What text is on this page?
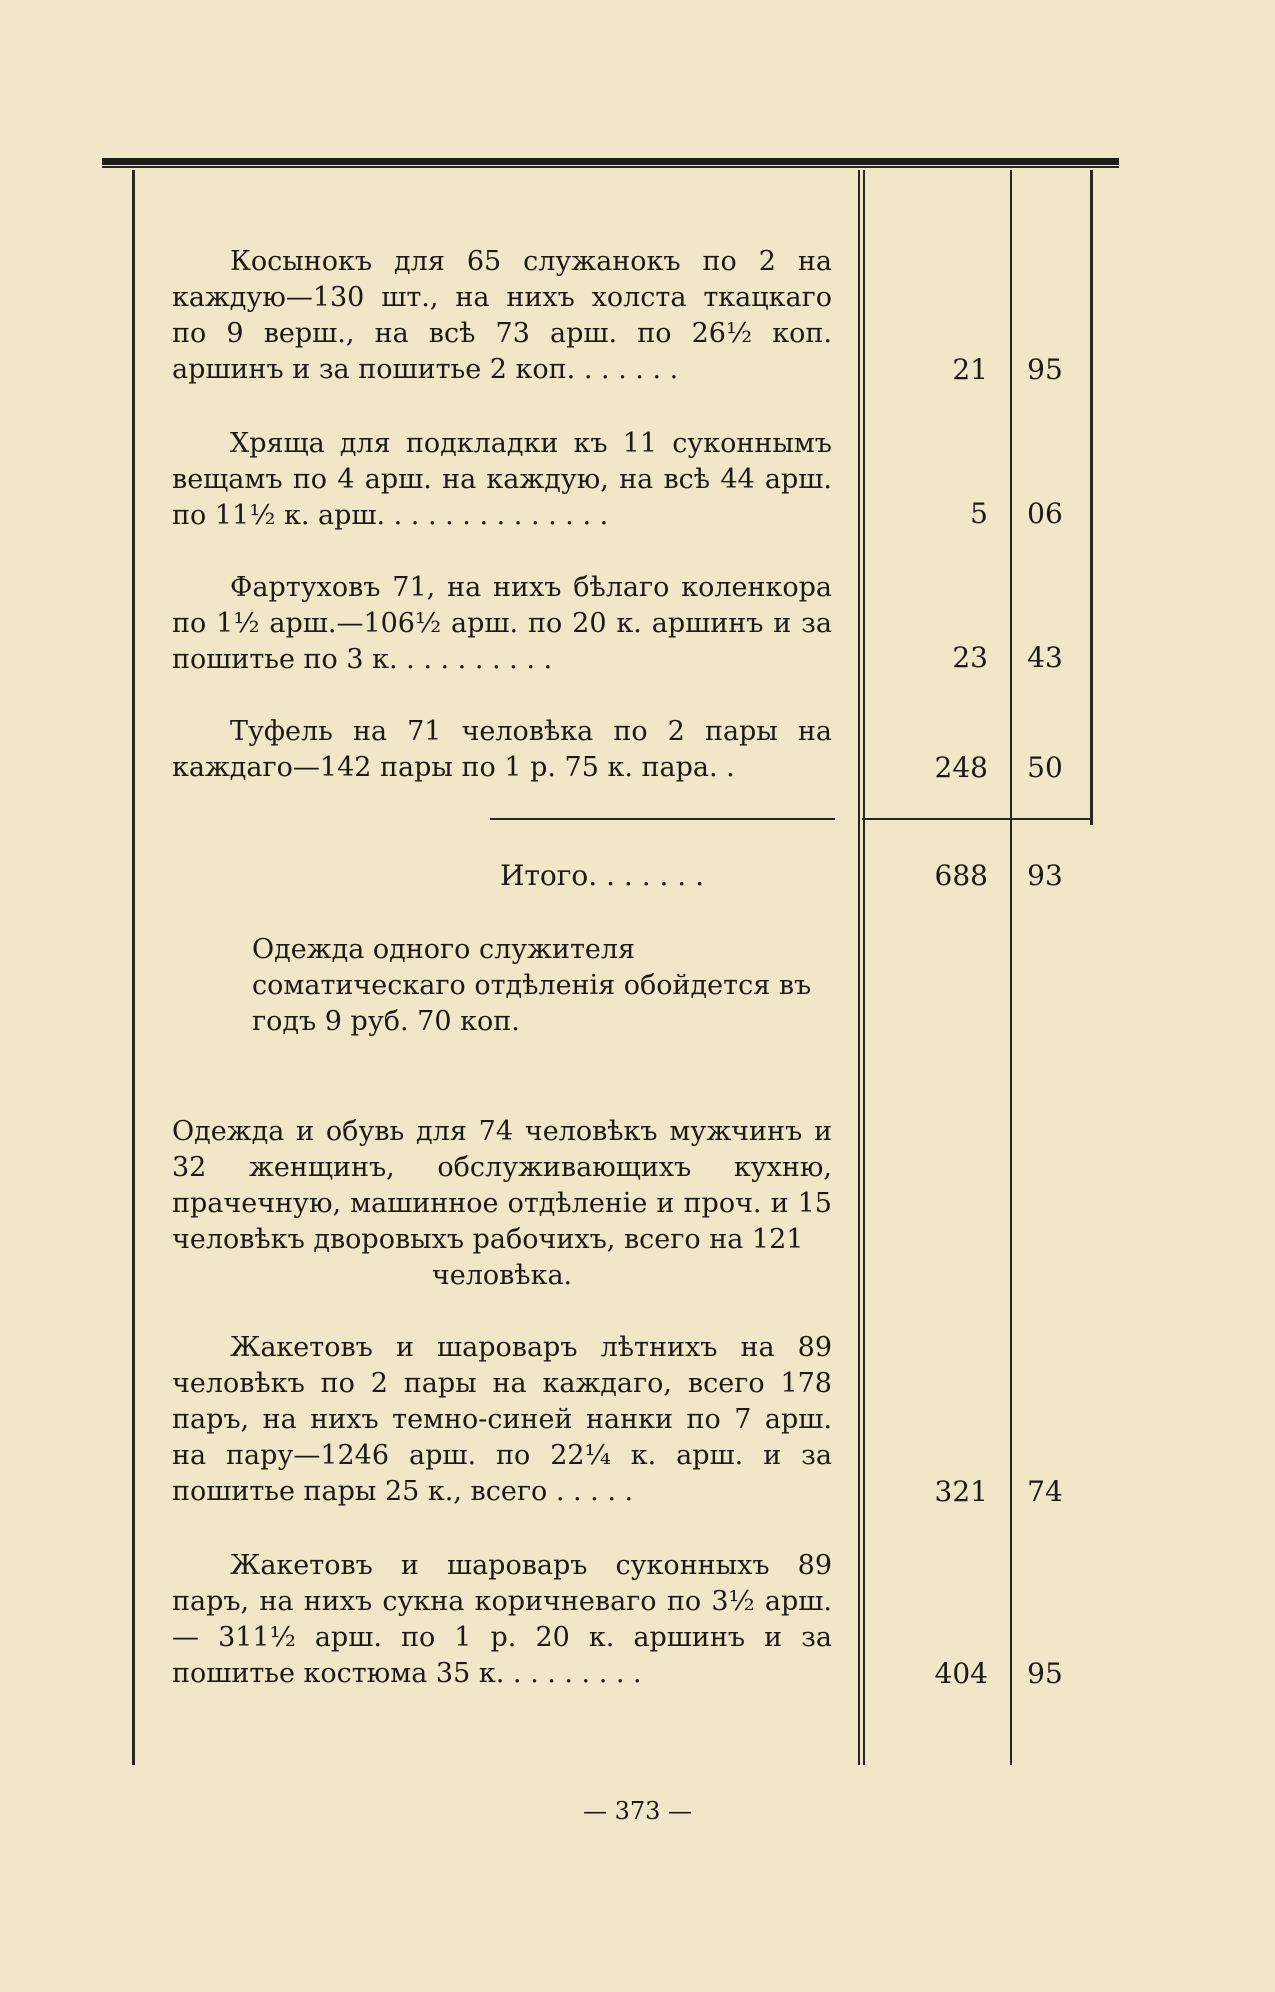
Косынокъ для 65 служанокъ по 2 на каждую—130 шт., на нихъ холста ткацкаго по 9 верш., на всѣ 73 арш. по 26½ коп. аршинъ и за пошитье 2 коп. . . . . . .	21 95

Хряща для подкладки къ 11 суконнымъ вещамъ по 4 арш. на каждую, на всѣ 44 арш. по 11½ к. арш. . . . . . . . . . . . . .	5 06

Фартуховъ 71, на нихъ бѣлаго коленкора по 1½ арш.—106½ арш. по 20 к. аршинъ и за пошитье по 3 к. . . . . . . . . .	23 43

Туфель на 71 человѣка по 2 пары на каждаго—142 пары по 1 р. 75 к. пара. .	248 50
Итого. . . . . . .	688 93
Одежда одного служителя соматическаго отдѣленія обойдется въ годъ 9 руб. 70 коп.

Одежда и обувь для 74 человѣкъ мужчинъ и 32 женщинъ, обслуживающихъ кухню, прачечную, машинное отдѣленіе и проч. и 15 человѣкъ дворовыхъ рабочихъ, всего на 121

человѣка.

Жакетовъ и шароваръ лѣтнихъ на 89 человѣкъ по 2 пары на каждаго, всего 178 паръ, на нихъ темно-синей нанки по 7 арш. на пару—1246 арш. по 22¼ к. арш. и за пошитье пары 25 к., всего . . . . .	321 74

Жакетовъ и шароваръ суконныхъ 89 паръ, на нихъ сукна коричневаго по 3½ арш.— 311½ арш. по 1 р. 20 к. аршинъ и за пошитье костюма 35 к. . . . . . . . .	404 95
— 373 —
